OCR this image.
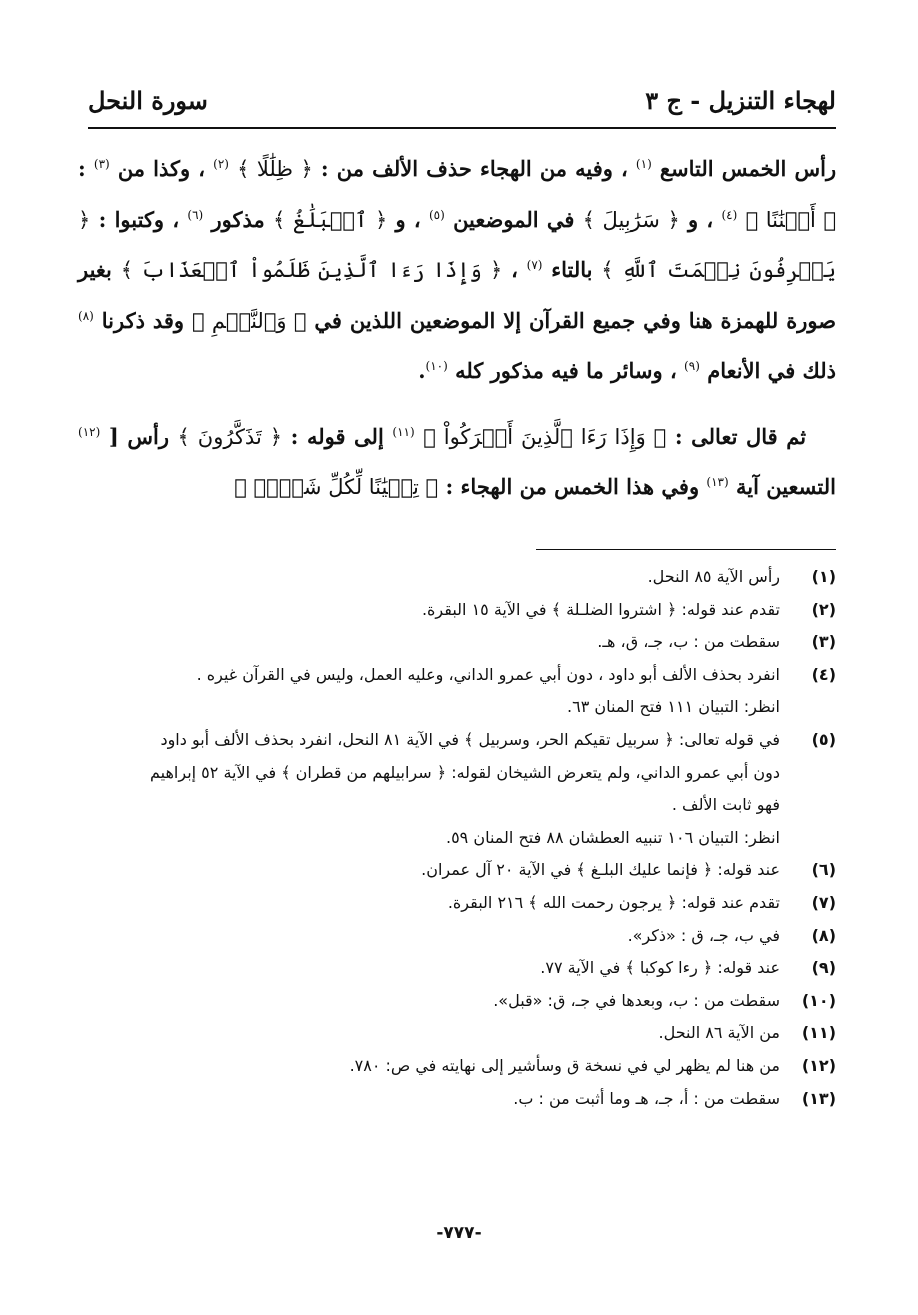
لهجاء التنزيل - ج ٣
سورة النحل

رأس الخمس التاسع $^{(١)}$ ، وفيه من الهجاء حذف الألف من : ﴿ ظِلَٰلًا ﴾ $^{(٢)}$ ، وكذا من $^{(٣)}$ : ﴿ أَكۡنَٰنًا ﴾ $^{(٤)}$ ، و ﴿ سَرَٰبِيلَ ﴾ في الموضعين $^{(٥)}$ ، و ﴿ ٱلۡبَلَٰغُ ﴾ مذكور $^{(٦)}$ ، وكتبوا : ﴿ يَعۡرِفُونَ نِعۡمَتَ ٱللَّهِ ﴾ بالتاء $^{(٧)}$ ، ﴿ وَإِذَا رَءَا ٱلَّذِينَ ظَلَمُواْ ٱلۡعَذَابَ ﴾ بغير صورة للهمزة هنا وفي جميع القرآن إلا الموضعين اللذين في ﴿ وَٱلنَّجۡمِ ﴾ وقد ذكرنا $^{(٨)}$ ذلك في الأنعام $^{(٩)}$ ، وسائر ما فيه مذكور كله $^{(١٠)}$.

ثم قال تعالى : ﴿ وَإِذَا رَءَا ٱلَّذِينَ أَشۡرَكُواْ ﴾ $^{(١١)}$ إلى قوله : ﴿ تَذَكَّرُونَ ﴾ رأس [ $^{(١٢)}$ التسعين آية $^{(١٣)}$ وفي هذا الخمس من الهجاء : ﴿ تِبۡيَٰنًا لِّكُلِّ شَيۡءٖ ﴾

(١)
رأس الآية ٨٥ النحل.
(٢)
تقدم عند قوله: ﴿ اشتروا الضلـلة ﴾ في الآية ١٥ البقرة.
(٣)
سقطت من : ب، جـ، ق، هـ.
(٤)
انفرد بحذف الألف أبو داود ، دون أبي عمرو الداني، وعليه العمل، وليس في القرآن غيره .
انظر: التبيان ١١١ فتح المنان ٦٣.
(٥)
في قوله تعالى: ﴿ سربيل تقيكم الحر، وسربيل ﴾ في الآية ٨١ النحل، انفرد بحذف الألف أبو داود
دون أبي عمرو الداني، ولم يتعرض الشيخان لقوله: ﴿ سرابيلهم من قطران ﴾ في الآية ٥٢ إبراهيم
فهو ثابت الألف .
انظر: التبيان ١٠٦ تنبيه العطشان ٨٨ فتح المنان ٥٩.
(٦)
عند قوله: ﴿ فإنما عليك البلـغ ﴾ في الآية ٢٠ آل عمران.
(٧)
تقدم عند قوله: ﴿ يرجون رحمت الله ﴾ ٢١٦ البقرة.
(٨)
في ب، جـ، ق : «ذكر».
(٩)
عند قوله: ﴿ رءا كوكبا ﴾ في الآية ٧٧.
(١٠)
سقطت من : ب، وبعدها في جـ، ق: «قبل».
(١١)
من الآية ٨٦ النحل.
(١٢)
من هنا لم يظهر لي في نسخة ق وسأشير إلى نهايته في ص: ٧٨٠.
(١٣)
سقطت من : أ، جـ، هـ وما أثبت من : ب.
-٧٧٧-
